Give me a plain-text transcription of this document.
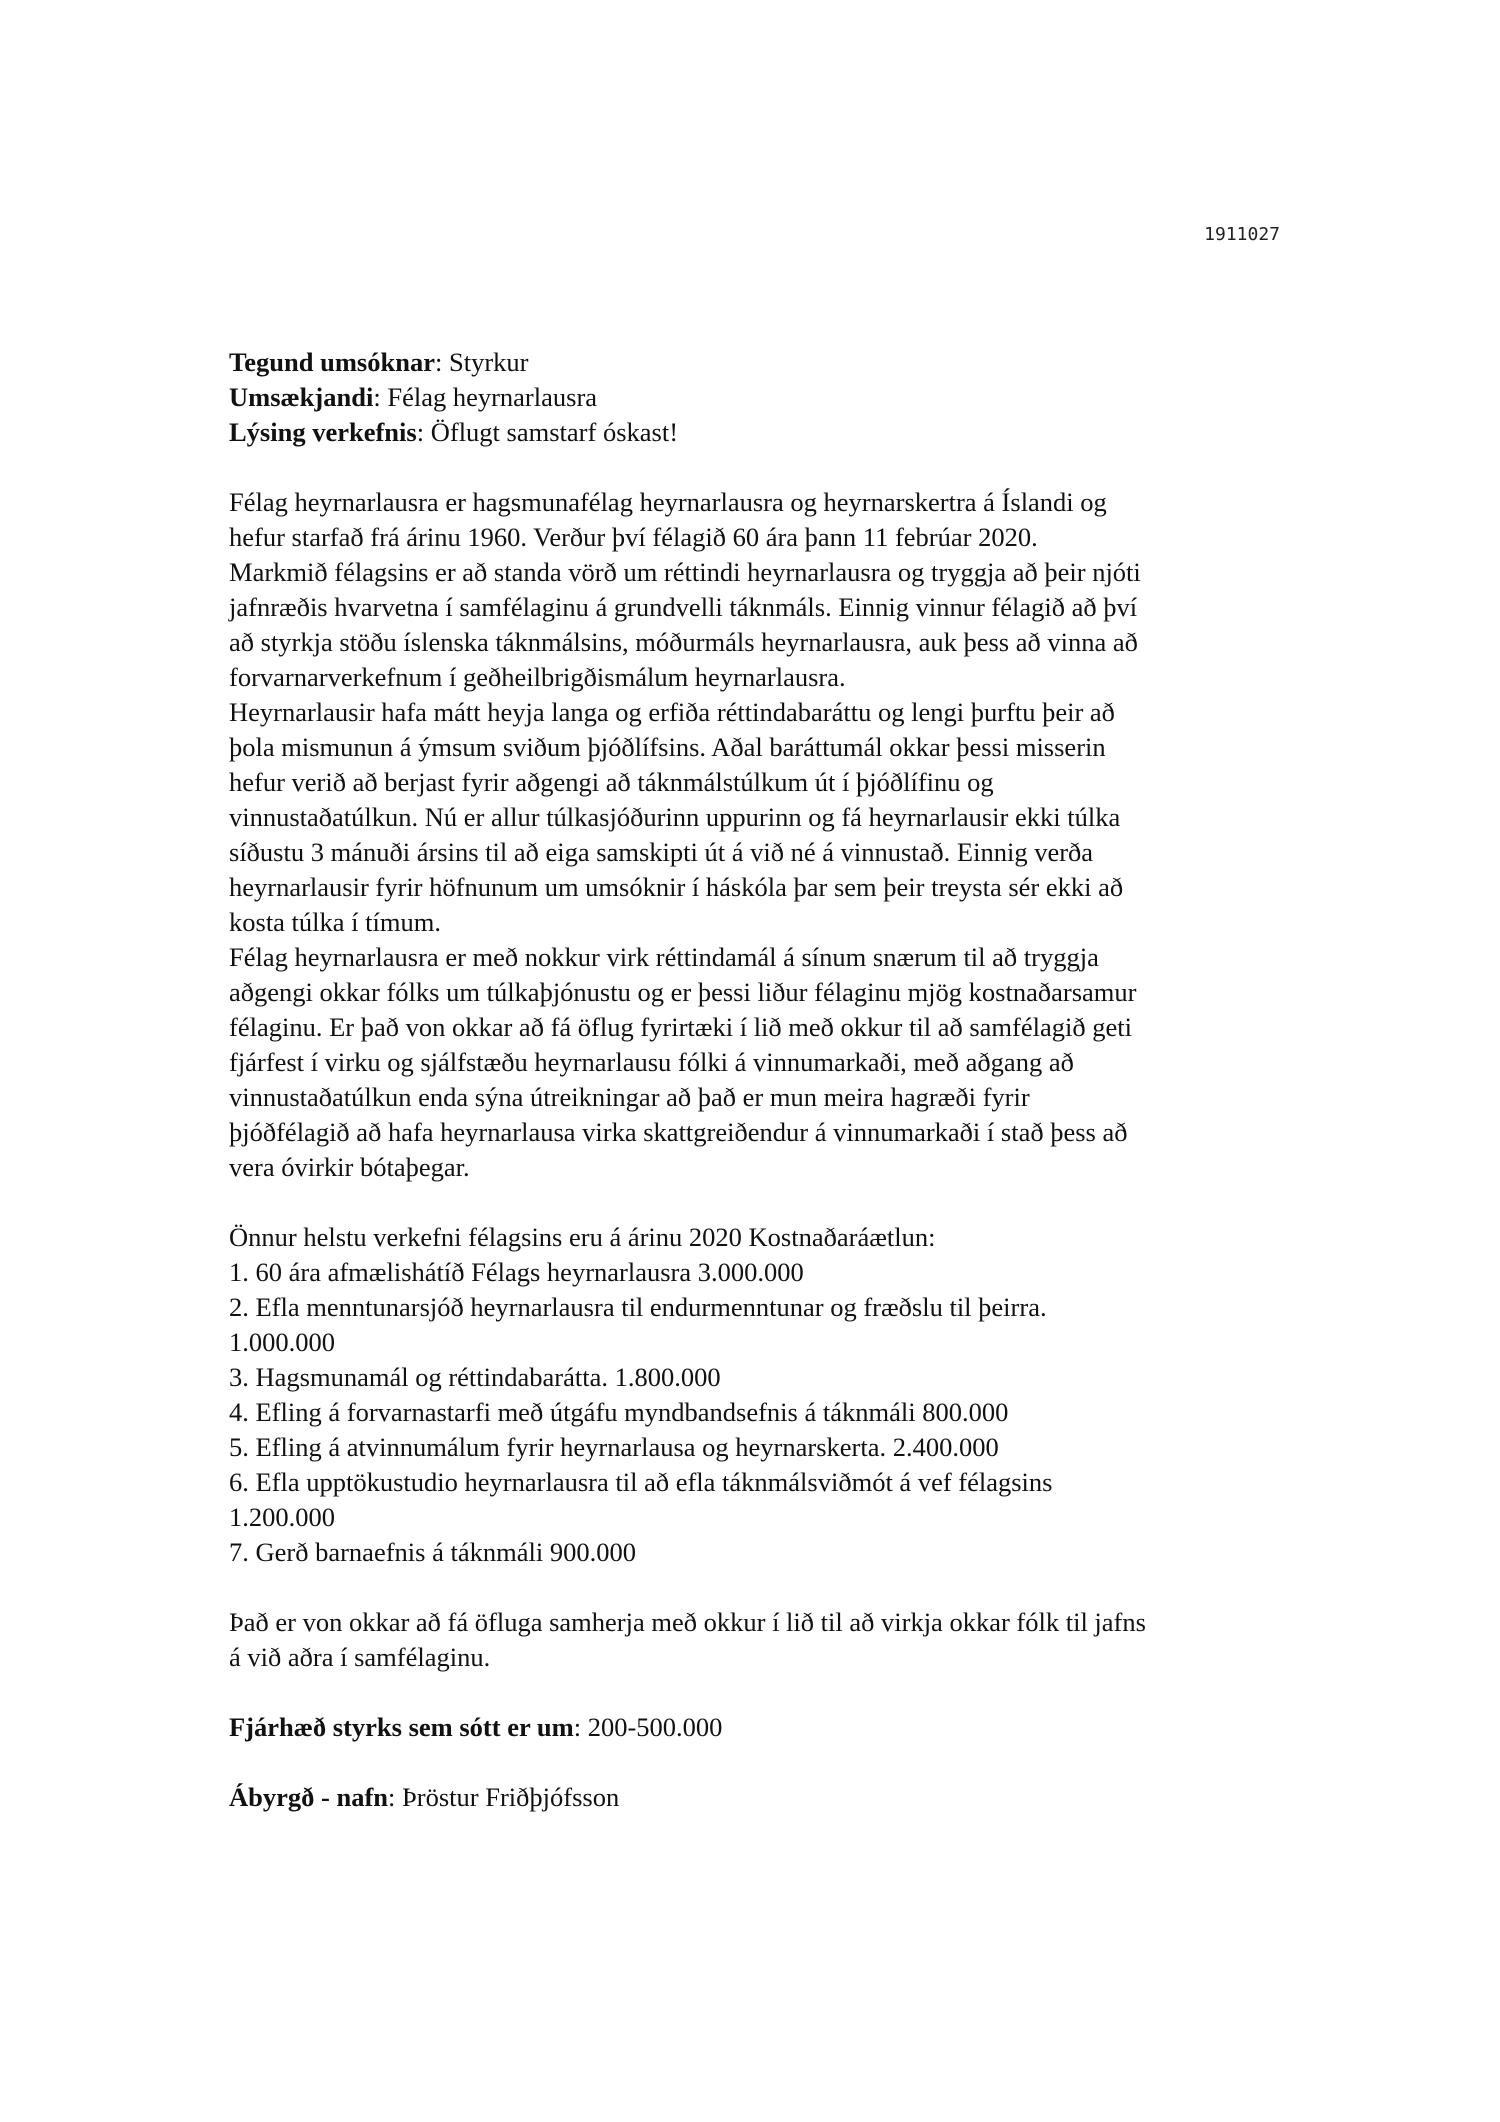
1911027
Tegund umsóknar: Styrkur
Umsækjandi: Félag heyrnarlausra
Lýsing verkefnis: Öflugt samstarf óskast!
Félag heyrnarlausra er hagsmunafélag heyrnarlausra og heyrnarskertra á Íslandi og
hefur starfað frá árinu 1960. Verður því félagið 60 ára þann 11 febrúar 2020.
Markmið félagsins er að standa vörð um réttindi heyrnarlausra og tryggja að þeir njóti
jafnræðis hvarvetna í samfélaginu á grundvelli táknmáls. Einnig vinnur félagið að því
að styrkja stöðu íslenska táknmálsins, móðurmáls heyrnarlausra, auk þess að vinna að
forvarnarverkefnum í geðheilbrigðismálum heyrnarlausra.
Heyrnarlausir hafa mátt heyja langa og erfiða réttindabaráttu og lengi þurftu þeir að
þola mismunun á ýmsum sviðum þjóðlífsins. Aðal baráttumál okkar þessi misserin
hefur verið að berjast fyrir aðgengi að táknmálstúlkum út í þjóðlífinu og
vinnustaðatúlkun. Nú er allur túlkasjóðurinn uppurinn og fá heyrnarlausir ekki túlka
síðustu 3 mánuði ársins til að eiga samskipti út á við né á vinnustað. Einnig verða
heyrnarlausir fyrir höfnunum um umsóknir í háskóla þar sem þeir treysta sér ekki að
kosta túlka í tímum.
Félag heyrnarlausra er með nokkur virk réttindamál á sínum snærum til að tryggja
aðgengi okkar fólks um túlkaþjónustu og er þessi liður félaginu mjög kostnaðarsamur
félaginu. Er það von okkar að fá öflug fyrirtæki í lið með okkur til að samfélagið geti
fjárfest í virku og sjálfstæðu heyrnarlausu fólki á vinnumarkaði, með aðgang að
vinnustaðatúlkun enda sýna útreikningar að það er mun meira hagræði fyrir
þjóðfélagið að hafa heyrnarlausa virka skattgreiðendur á vinnumarkaði í stað þess að
vera óvirkir bótaþegar.
Önnur helstu verkefni félagsins eru á árinu 2020 Kostnaðaráætlun:
1. 60 ára afmælishátíð Félags heyrnarlausra 3.000.000
2. Efla menntunarsjóð heyrnarlausra til endurmenntunar og fræðslu til þeirra.
1.000.000
3. Hagsmunamál og réttindabarátta. 1.800.000
4. Efling á forvarnastarfi með útgáfu myndbandsefnis á táknmáli 800.000
5. Efling á atvinnumálum fyrir heyrnarlausa og heyrnarskerta. 2.400.000
6. Efla upptökustudio heyrnarlausra til að efla táknmálsviðmót á vef félagsins
1.200.000
7. Gerð barnaefnis á táknmáli 900.000
Það er von okkar að fá öfluga samherja með okkur í lið til að virkja okkar fólk til jafns
á við aðra í samfélaginu.
Fjárhæð styrks sem sótt er um: 200-500.000
Ábyrgð - nafn: Þröstur Friðþjófsson
